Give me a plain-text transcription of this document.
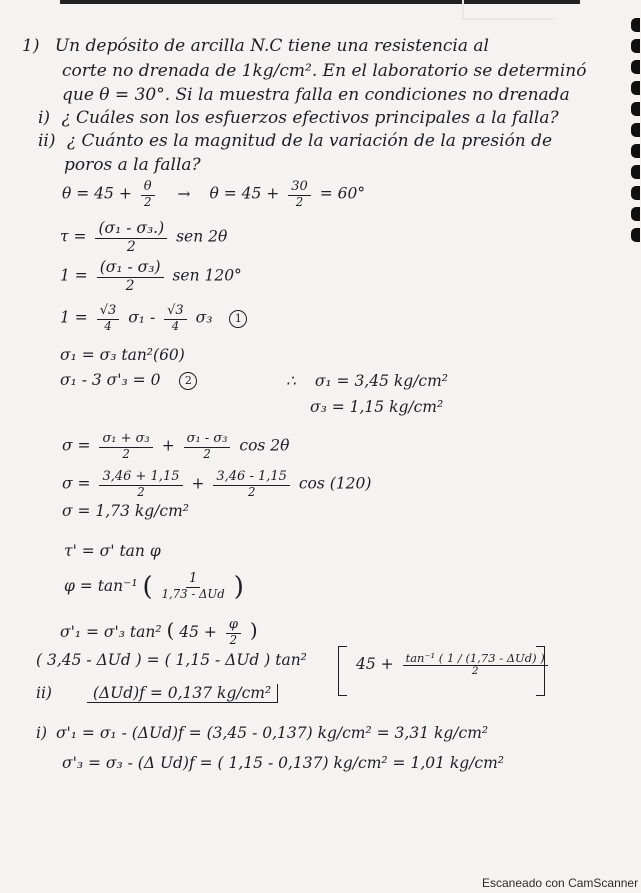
1) Un depósito de arcilla N.C tiene una resistencia al
corte no drenada de 1kg/cm². En el laboratorio se determinó
que θ = 30°. Si la muestra falla en condiciones no drenada
i) ¿ Cuáles son los esfuerzos efectivos principales a la falla?
ii) ¿ Cuánto es la magnitud de la variación de la presión de
poros a la falla?
$\theta = 45 + \frac{\theta}{2} \to \theta = 45 + \frac{30}{2} = 60^\circ$
$\tau = \frac{\text{(σ₁ - σ₃.)}}{2}$ sen 2θ
$1 = \frac{\text{(σ₁ - σ₃)}}{2}$ sen 120°
$1 = \frac{√3}{4} \sigma_1 - \frac{√3}{4} \sigma_3$ 1
σ₁ = σ₃ tan²(60)
σ₁ - 3 σ'₃ = 0 2	∴ σ₁ = 3,45 kg/cm²
σ₃ = 1,15 kg/cm²
$\sigma = \frac{\text{σ₁ + σ₃}}{2} + \frac{\text{σ₁ - σ₃}}{2}$ cos 2θ
$\sigma = \frac{3,46 + 1,15}{2} + \frac{3,46 - 1,15}{2}$ cos (120)
σ = 1,73 kg/cm²
τ' = σ' tan φ
φ = tan⁻¹ ( $\frac{1}{\text{1,73 - ΔUd}}$ )
σ'₁ = σ'₃ tan² ( $45 + \frac{\varphi}{2}$ )
( 3,45 - ΔUd ) = ( 1,15 - ΔUd ) tan²	$45 + \frac{\text{tan⁻¹ ( 1 / (1,73 - ΔUd) )}}{2}$
ii)	(ΔUd)f = 0,137 kg/cm²
i) σ'₁ = σ₁ - (ΔUd)f = (3,45 - 0,137) kg/cm² = 3,31 kg/cm²
σ'₃ = σ₃ - (Δ Ud)f = ( 1,15 - 0,137) kg/cm² = 1,01 kg/cm²
Escaneado con CamScanner
